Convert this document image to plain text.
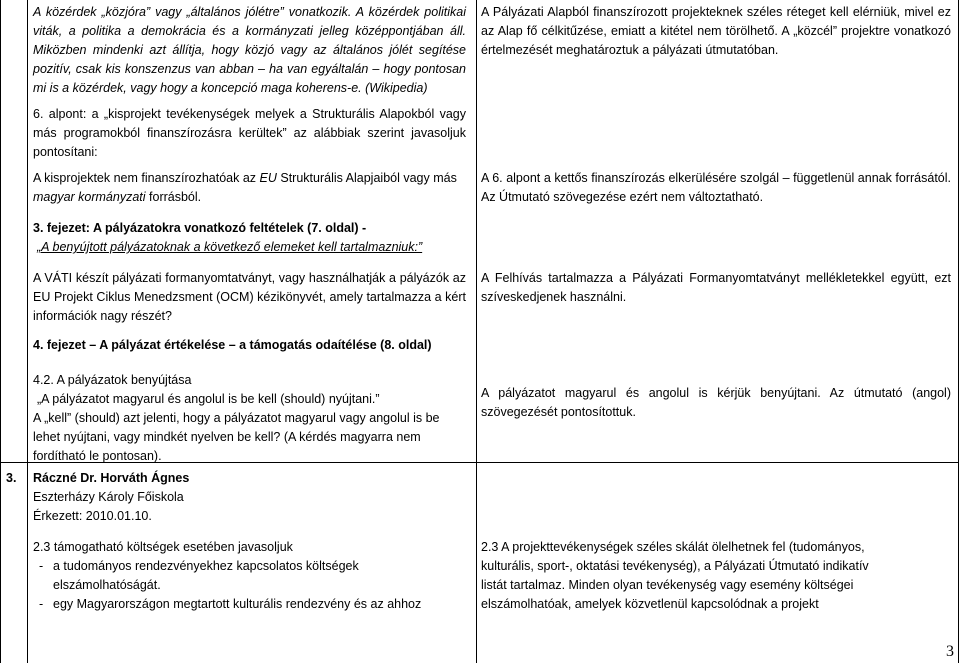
A közérdek „közjóra” vagy „általános jólétre” vonatkozik. A közérdek politikai viták, a politika a demokrácia és a kormányzati jelleg középpontjában áll. Miközben mindenki azt állítja, hogy közjó vagy az általános jólét segítése pozitív, csak kis konszenzus van abban – ha van egyáltalán – hogy pontosan mi is a közérdek, vagy hogy a koncepció maga koherens-e. (Wikipedia)
6. alpont: a „kisprojekt tevékenységek melyek a Strukturális Alapokból vagy más programokból finanszírozásra kerültek” az alábbiak szerint javasoljuk pontosítani:
A kisprojektek nem finanszírozhatóak az EU Strukturális Alapjaiból vagy más magyar kormányzati forrásból.

3. fejezet: A pályázatokra vonatkozó feltételek (7. oldal) -

„A benyújtott pályázatoknak a következő elemeket kell tartalmazniuk:”

A VÁTI készít pályázati formanyomtatványt, vagy használhatják a pályázók az EU Projekt Ciklus Menedzsment (OCM) kézikönyvét, amely tartalmazza a kért információk nagy részét?
4. fejezet – A pályázat értékelése – a támogatás odaítélése (8. oldal)

4.2. A pályázatok benyújtása

„A pályázatot magyarul és angolul is be kell (should) nyújtani.”

A „kell” (should) azt jelenti, hogy a pályázatot magyarul vagy angolul is be lehet nyújtani, vagy mindkét nyelven be kell? (A kérdés magyarra nem fordítható le pontosan).

3. Ráczné Dr. Horváth Ágnes

Eszterházy Károly Főiskola

Érkezett: 2010.01.10.

2.3 támogatható költségek esetében javasoljuk

- a tudományos rendezvényekhez kapcsolatos költségek elszámolhatóságát.
- egy Magyarországon megtartott kulturális rendezvény és az ahhoz
A Pályázati Alapból finanszírozott projekteknek széles réteget kell elérniük, mivel ez az Alap fő célkitűzése, emiatt a kitétel nem törölhető. A „közcél” projektre vonatkozó értelmezését meghatároztuk a pályázati útmutatóban.
A 6. alpont a kettős finanszírozás elkerülésére szolgál – függetlenül annak forrásától. Az Útmutató szövegezése ezért nem változtatható.
A Felhívás tartalmazza a Pályázati Formanyomtatványt mellékletekkel együtt, ezt szíveskedjenek használni.
A pályázatot magyarul és angolul is kérjük benyújtani. Az útmutató (angol) szövegezését pontosítottuk.
2.3 A projekttevékenységek széles skálát ölelhetnek fel (tudományos, kulturális, sport-, oktatási tevékenység), a Pályázati Útmutató indikatív listát tartalmaz. Minden olyan tevékenység vagy esemény költségei elszámolhatóak, amelyek közvetlenül kapcsolódnak a projekt
3
